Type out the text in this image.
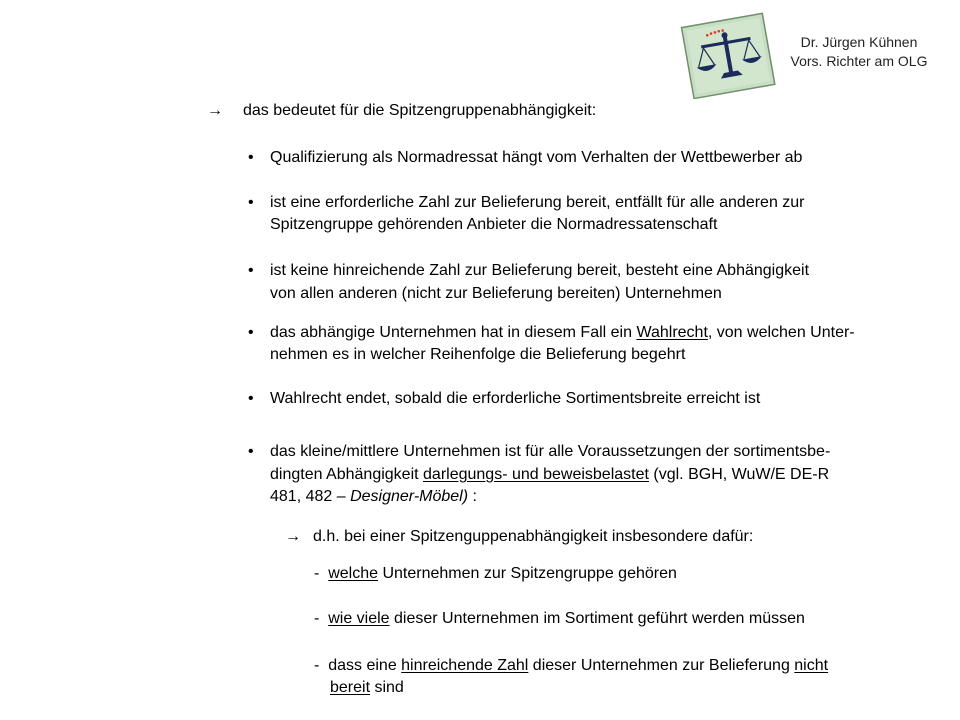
Dr. Jürgen Kühnen
Vors. Richter am OLG
→ das bedeutet für die Spitzengruppenabhängigkeit:
• Qualifizierung als Normadressat hängt vom Verhalten der Wettbewerber ab
• ist eine erforderliche Zahl zur Belieferung bereit, entfällt für alle anderen zur
Spitzengruppe gehörenden Anbieter die Normadressatenschaft
• ist keine hinreichende Zahl zur Belieferung bereit, besteht eine Abhängigkeit
von allen anderen (nicht zur Belieferung bereiten) Unternehmen
• das abhängige Unternehmen hat in diesem Fall ein Wahlrecht, von welchen Unter-
nehmen es in welcher Reihenfolge die Belieferung begehrt
• Wahlrecht endet, sobald die erforderliche Sortimentsbreite erreicht ist
• das kleine/mittlere Unternehmen ist für alle Voraussetzungen der sortimentsbe-
dingten Abhängigkeit darlegungs- und beweisbelastet (vgl. BGH, WuW/E DE-R
481, 482 – Designer-Möbel) :
→ d.h. bei einer Spitzenguppenabhängigkeit insbesondere dafür:
- welche Unternehmen zur Spitzengruppe gehören
- wie viele dieser Unternehmen im Sortiment geführt werden müssen
- dass eine hinreichende Zahl dieser Unternehmen zur Belieferung nicht
bereit sind
